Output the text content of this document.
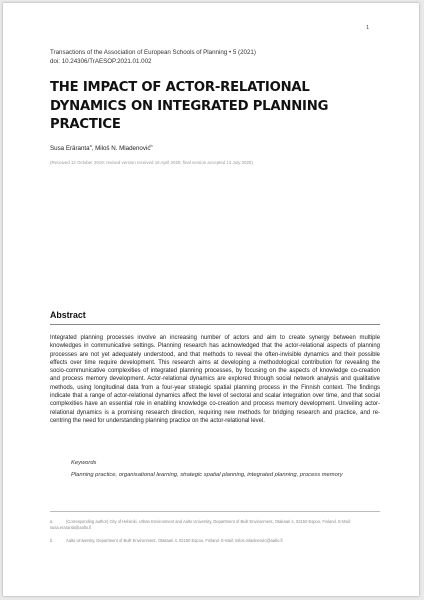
1
Transactions of the Association of European Schools of Planning • 5 (2021)
doi: 10.24306/TrAESOP.2021.01.002
THE IMPACT OF ACTOR-RELATIONAL DYNAMICS ON INTEGRATED PLANNING PRACTICE
Susa Eräranta$^a$, Miloš N. Mladenović$^b$
(Received 12 October 2019; revised version received 16 April 2020; final version accepted 13 July 2020)
Abstract
Integrated planning processes involve an increasing number of actors and aim to create synergy between multiple knowledges in communicative settings. Planning research has acknowledged that the actor-relational aspects of planning processes are not yet adequately understood, and that methods to reveal the often-invisible dynamics and their possible effects over time require development. This research aims at developing a methodological contribution for revealing the socio-communicative complexities of integrated planning processes, by focusing on the aspects of knowledge co-creation and process memory development. Actor-relational dynamics are explored through social network analysis and qualitative methods, using longitudinal data from a four-year strategic spatial planning process in the Finnish context. The findings indicate that a range of actor-relational dynamics affect the level of sectoral and scalar integration over time, and that social complexities have an essential role in enabling knowledge co-creation and process memory development. Unveiling actor-relational dynamics is a promising research direction, requiring new methods for bridging research and practice, and re-centring the need for understanding planning practice on the actor-relational level.
Keywords
Planning practice, organisational learning, strategic spatial planning, integrated planning, process memory
a.	(Corresponding author) City of Helsinki, Urban Environment and Aalto University, Department of Built Environment, Otakaari 4, 02150 Espoo, Finland. E-Mail: susa.eraranta@aalto.fi
b.	Aalto University, Department of Built Environment, Otakaari 4, 02150 Espoo, Finland. E-Mail: milos.mladenovic@aalto.fi
